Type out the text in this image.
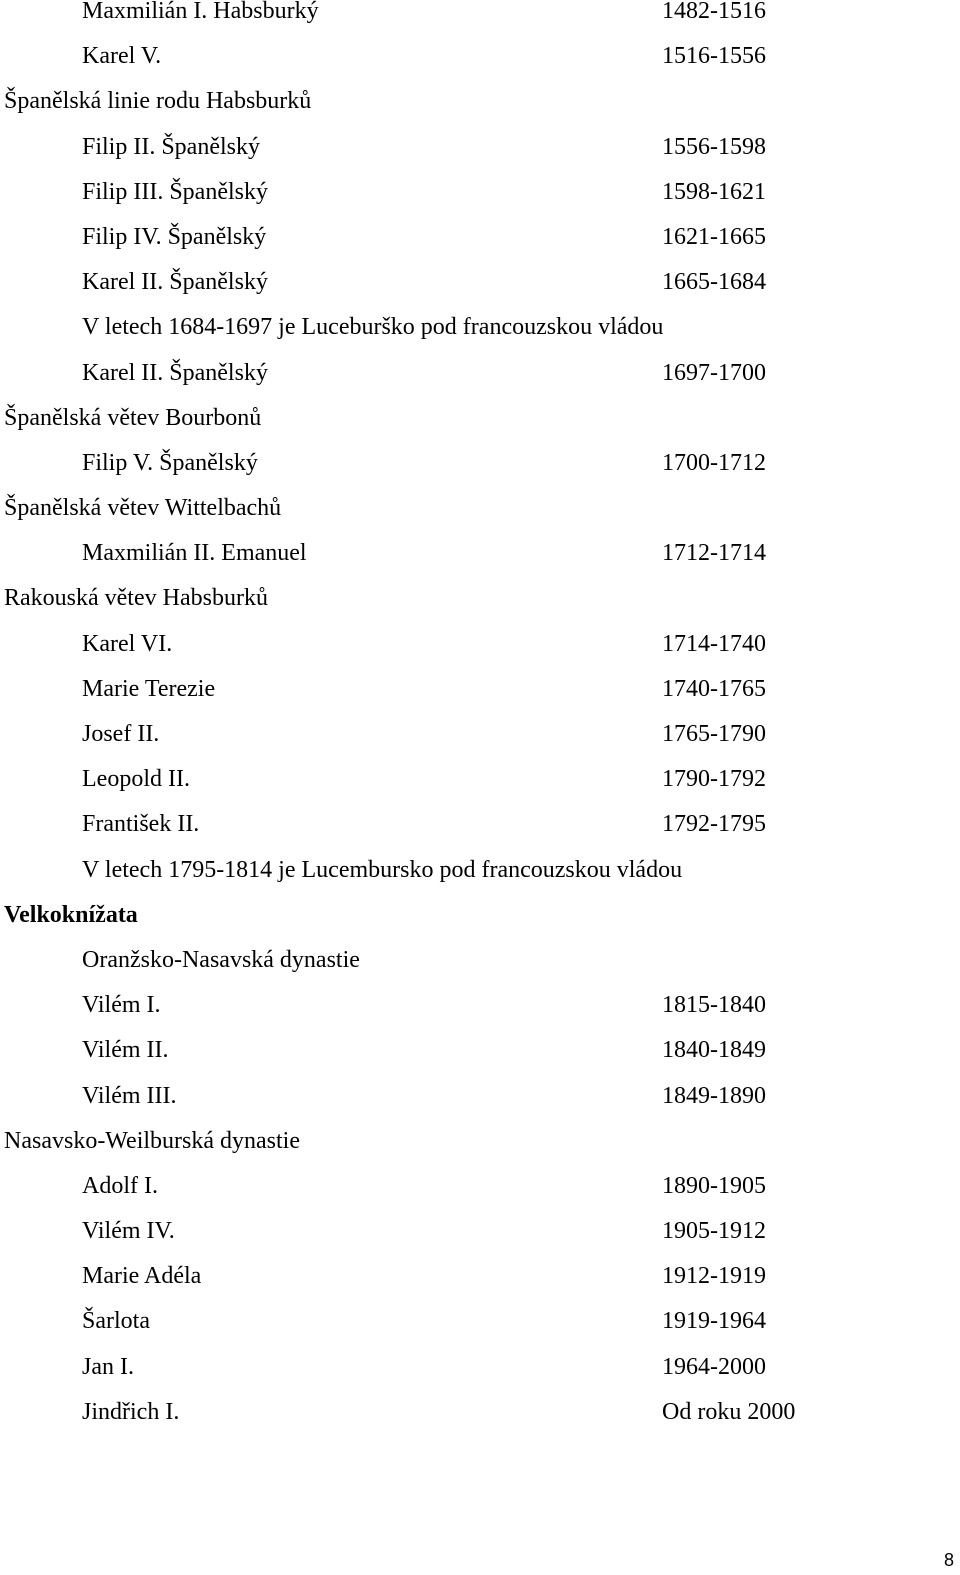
Maxmilián I. Habsburký	1482-1516
Karel V.	1516-1556
Španělská linie rodu Habsburků
Filip II. Španělský	1556-1598
Filip III. Španělský	1598-1621
Filip IV. Španělský	1621-1665
Karel II. Španělský	1665-1684
V letech 1684-1697 je Luceburško pod francouzskou vládou
Karel II. Španělský	1697-1700
Španělská větev Bourbonů
Filip V. Španělský	1700-1712
Španělská větev Wittelbachů
Maxmilián II. Emanuel	1712-1714
Rakouská větev Habsburků
Karel VI.	1714-1740
Marie Terezie	1740-1765
Josef II.	1765-1790
Leopold II.	1790-1792
František II.	1792-1795
V letech 1795-1814 je Lucembursko pod francouzskou vládou
Velkoknížata
Oranžsko-Nasavská dynastie
Vilém I.	1815-1840
Vilém II.	1840-1849
Vilém III.	1849-1890
Nasavsko-Weilburská dynastie
Adolf I.	1890-1905
Vilém IV.	1905-1912
Marie Adéla	1912-1919
Šarlota	1919-1964
Jan I.	1964-2000
Jindřich I.	Od roku 2000
8
